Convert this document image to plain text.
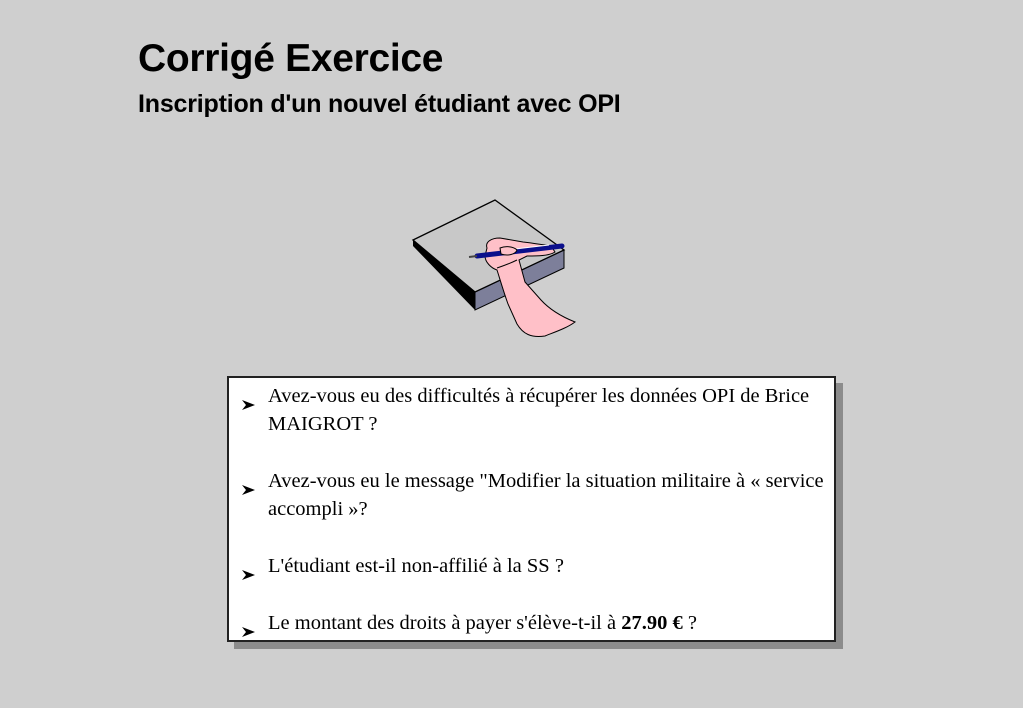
Corrigé Exercice
Inscription d'un nouvel étudiant avec OPI
Avez-vous eu des difficultés à récupérer les données OPI de Brice MAIGROT ?
Avez-vous eu le message "Modifier la situation militaire à « service accompli »?
L'étudiant est-il non-affilié à la SS ?
Le montant des droits à payer s'élève-t-il à 27.90 € ?
